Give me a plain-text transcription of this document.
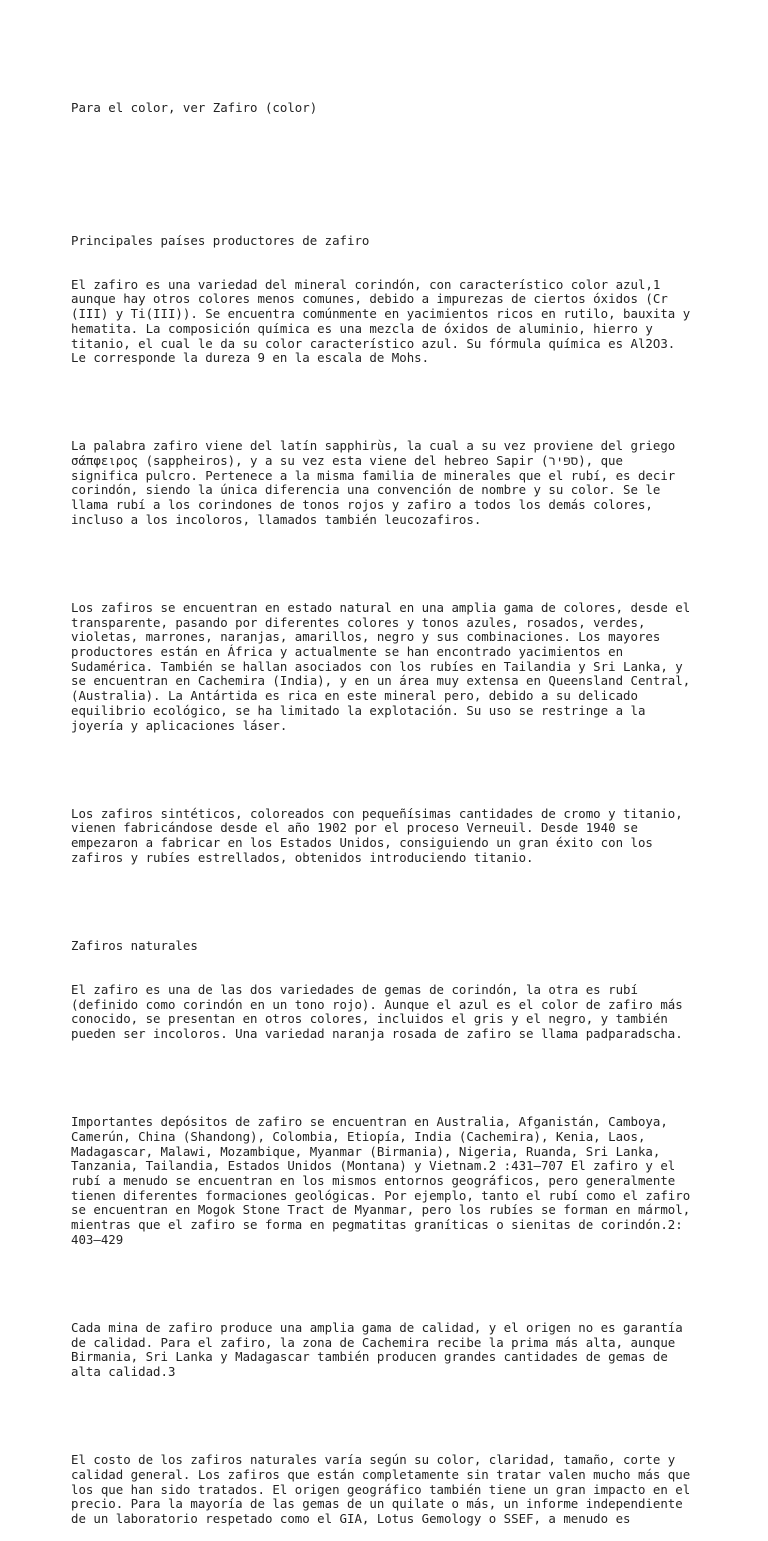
Para el color, ver Zafiro (color)

Principales países productores de zafiro

El zafiro es una variedad del mineral corindón, con característico color azul,1
aunque hay otros colores menos comunes, debido a impurezas de ciertos óxidos (Cr
(III) y Ti(III)). Se encuentra comúnmente en yacimientos ricos en rutilo, bauxita y
hematita. La composición química es una mezcla de óxidos de aluminio, hierro y
titanio, el cual le da su color característico azul. Su fórmula química es Al2O3.
Le corresponde la dureza 9 en la escala de Mohs.

La palabra zafiro viene del latín sapphirùs, la cual a su vez proviene del griego
σάπφειρος (sappheiros), y a su vez esta viene del hebreo Sapir (ספּיר), que
significa pulcro. Pertenece a la misma familia de minerales que el rubí, es decir
corindón, siendo la única diferencia una convención de nombre y su color. Se le
llama rubí a los corindones de tonos rojos y zafiro a todos los demás colores,
incluso a los incoloros, llamados también leucozafiros.

Los zafiros se encuentran en estado natural en una amplia gama de colores, desde el
transparente, pasando por diferentes colores y tonos azules, rosados, verdes,
violetas, marrones, naranjas, amarillos, negro y sus combinaciones. Los mayores
productores están en África y actualmente se han encontrado yacimientos en
Sudamérica. También se hallan asociados con los rubíes en Tailandia y Sri Lanka, y
se encuentran en Cachemira (India), y en un área muy extensa en Queensland Central,
(Australia). La Antártida es rica en este mineral pero, debido a su delicado
equilibrio ecológico, se ha limitado la explotación. Su uso se restringe a la
joyería y aplicaciones láser.

Los zafiros sintéticos, coloreados con pequeñísimas cantidades de cromo y titanio,
vienen fabricándose desde el año 1902 por el proceso Verneuil. Desde 1940 se
empezaron a fabricar en los Estados Unidos, consiguiendo un gran éxito con los
zafiros y rubíes estrellados, obtenidos introduciendo titanio.

Zafiros naturales

El zafiro es una de las dos variedades de gemas de corindón, la otra es rubí
(definido como corindón en un tono rojo). Aunque el azul es el color de zafiro más
conocido, se presentan en otros colores, incluidos el gris y el negro, y también
pueden ser incoloros. Una variedad naranja rosada de zafiro se llama padparadscha.

Importantes depósitos de zafiro se encuentran en Australia, Afganistán, Camboya,
Camerún, China (Shandong), Colombia, Etiopía, India (Cachemira), Kenia, Laos,
Madagascar, Malawi, Mozambique, Myanmar (Birmania), Nigeria, Ruanda, Sri Lanka,
Tanzania, Tailandia, Estados Unidos (Montana) y Vietnam.2 :431–707 El zafiro y el
rubí a menudo se encuentran en los mismos entornos geográficos, pero generalmente
tienen diferentes formaciones geológicas. Por ejemplo, tanto el rubí como el zafiro
se encuentran en Mogok Stone Tract de Myanmar, pero los rubíes se forman en mármol,
mientras que el zafiro se forma en pegmatitas graníticas o sienitas de corindón.2:
403–429

Cada mina de zafiro produce una amplia gama de calidad, y el origen no es garantía
de calidad. Para el zafiro, la zona de Cachemira recibe la prima más alta, aunque
Birmania, Sri Lanka y Madagascar también producen grandes cantidades de gemas de
alta calidad.3

El costo de los zafiros naturales varía según su color, claridad, tamaño, corte y
calidad general. Los zafiros que están completamente sin tratar valen mucho más que
los que han sido tratados. El origen geográfico también tiene un gran impacto en el
precio. Para la mayoría de las gemas de un quilate o más, un informe independiente
de un laboratorio respetado como el GIA, Lotus Gemology o SSEF, a menudo es
